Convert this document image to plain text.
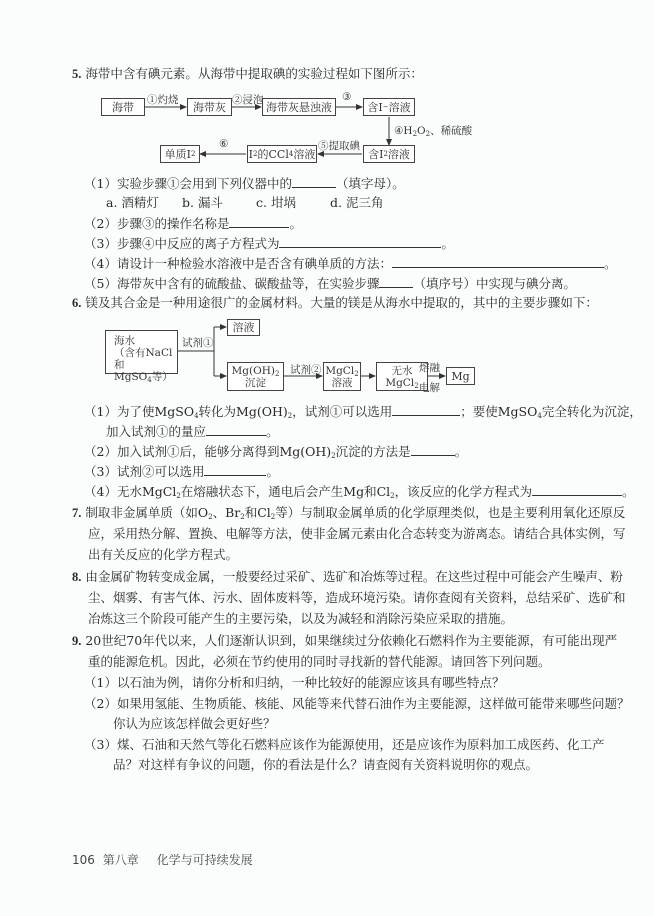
5. 海带中含有碘元素。从海带中提取碘的实验过程如下图所示：
海带	海带灰	海带灰悬浊液	含I − 溶液
含I 2 溶液
I 2 的CCl 4 溶液
单质I 2
①灼烧	②浸泡	③
$④H_2O_2$、稀硫酸
⑤提取碘
⑥
（1）实验步骤①会用到下列仪器中的	（填字母）。
a. 酒精灯 b. 漏斗	c. 坩埚	d. 泥三角
（2）步骤③的操作名称是	。
（3）步骤④中反应的离子方程式为	。
（4）请设计一种检验水溶液中是否含有碘单质的方法：	。
（5）海带灰中含有的硫酸盐、碳酸盐等，在实验步骤	（填序号）中实现与碘分离。
6. 镁及其合金是一种用途很广的金属材料。大量的镁是从海水中提取的，其中的主要步骤如下：
海水
（含有NaCl和
MgSO$_4$等）
溶液
$Mg(OH)_2$
沉淀
MgCl$_2$
溶液
无水
MgCl$_2$
Mg
试剂①
试剂②	熔融
电解
（1）为了使MgSO$_4$转化为$Mg(OH)_2$，试剂①可以选用	；要使MgSO$_4$完全转化为沉淀，
加入试剂①的量应	。
（2）加入试剂①后，能够分离得到$Mg(OH)_2$沉淀的方法是	。
（3）试剂②可以选用	。
（4）无水MgCl$_2$在熔融状态下，通电后会产生Mg和$Cl_2$，该反应的化学方程式为	。
7. 制取非金属单质（如$O_2$、$Br_2$和$Cl_2$等）与制取金属单质的化学原理类似，也是主要利用氧化还原反
应，采用热分解、置换、电解等方法，使非金属元素由化合态转变为游离态。请结合具体实例，写
出有关反应的化学方程式。
8. 由金属矿物转变成金属，一般要经过采矿、选矿和冶炼等过程。在这些过程中可能会产生噪声、粉
尘、烟雾、有害气体、污水、固体废料等，造成环境污染。请你查阅有关资料，总结采矿、选矿和
冶炼这三个阶段可能产生的主要污染，以及为减轻和消除污染应采取的措施。
9. 20世纪70年代以来，人们逐渐认识到，如果继续过分依赖化石燃料作为主要能源，有可能出现严
重的能源危机。因此，必须在节约使用的同时寻找新的替代能源。请回答下列问题。
（1）以石油为例，请你分析和归纳，一种比较好的能源应该具有哪些特点？
（2）如果用氢能、生物质能、核能、风能等来代替石油作为主要能源，这样做可能带来哪些问题？
你认为应该怎样做会更好些？
（3）煤、石油和天然气等化石燃料应该作为能源使用，还是应该作为原料加工成医药、化工产
品？对这样有争议的问题，你的看法是什么？请查阅有关资料说明你的观点。
106 第八章 化学与可持续发展
